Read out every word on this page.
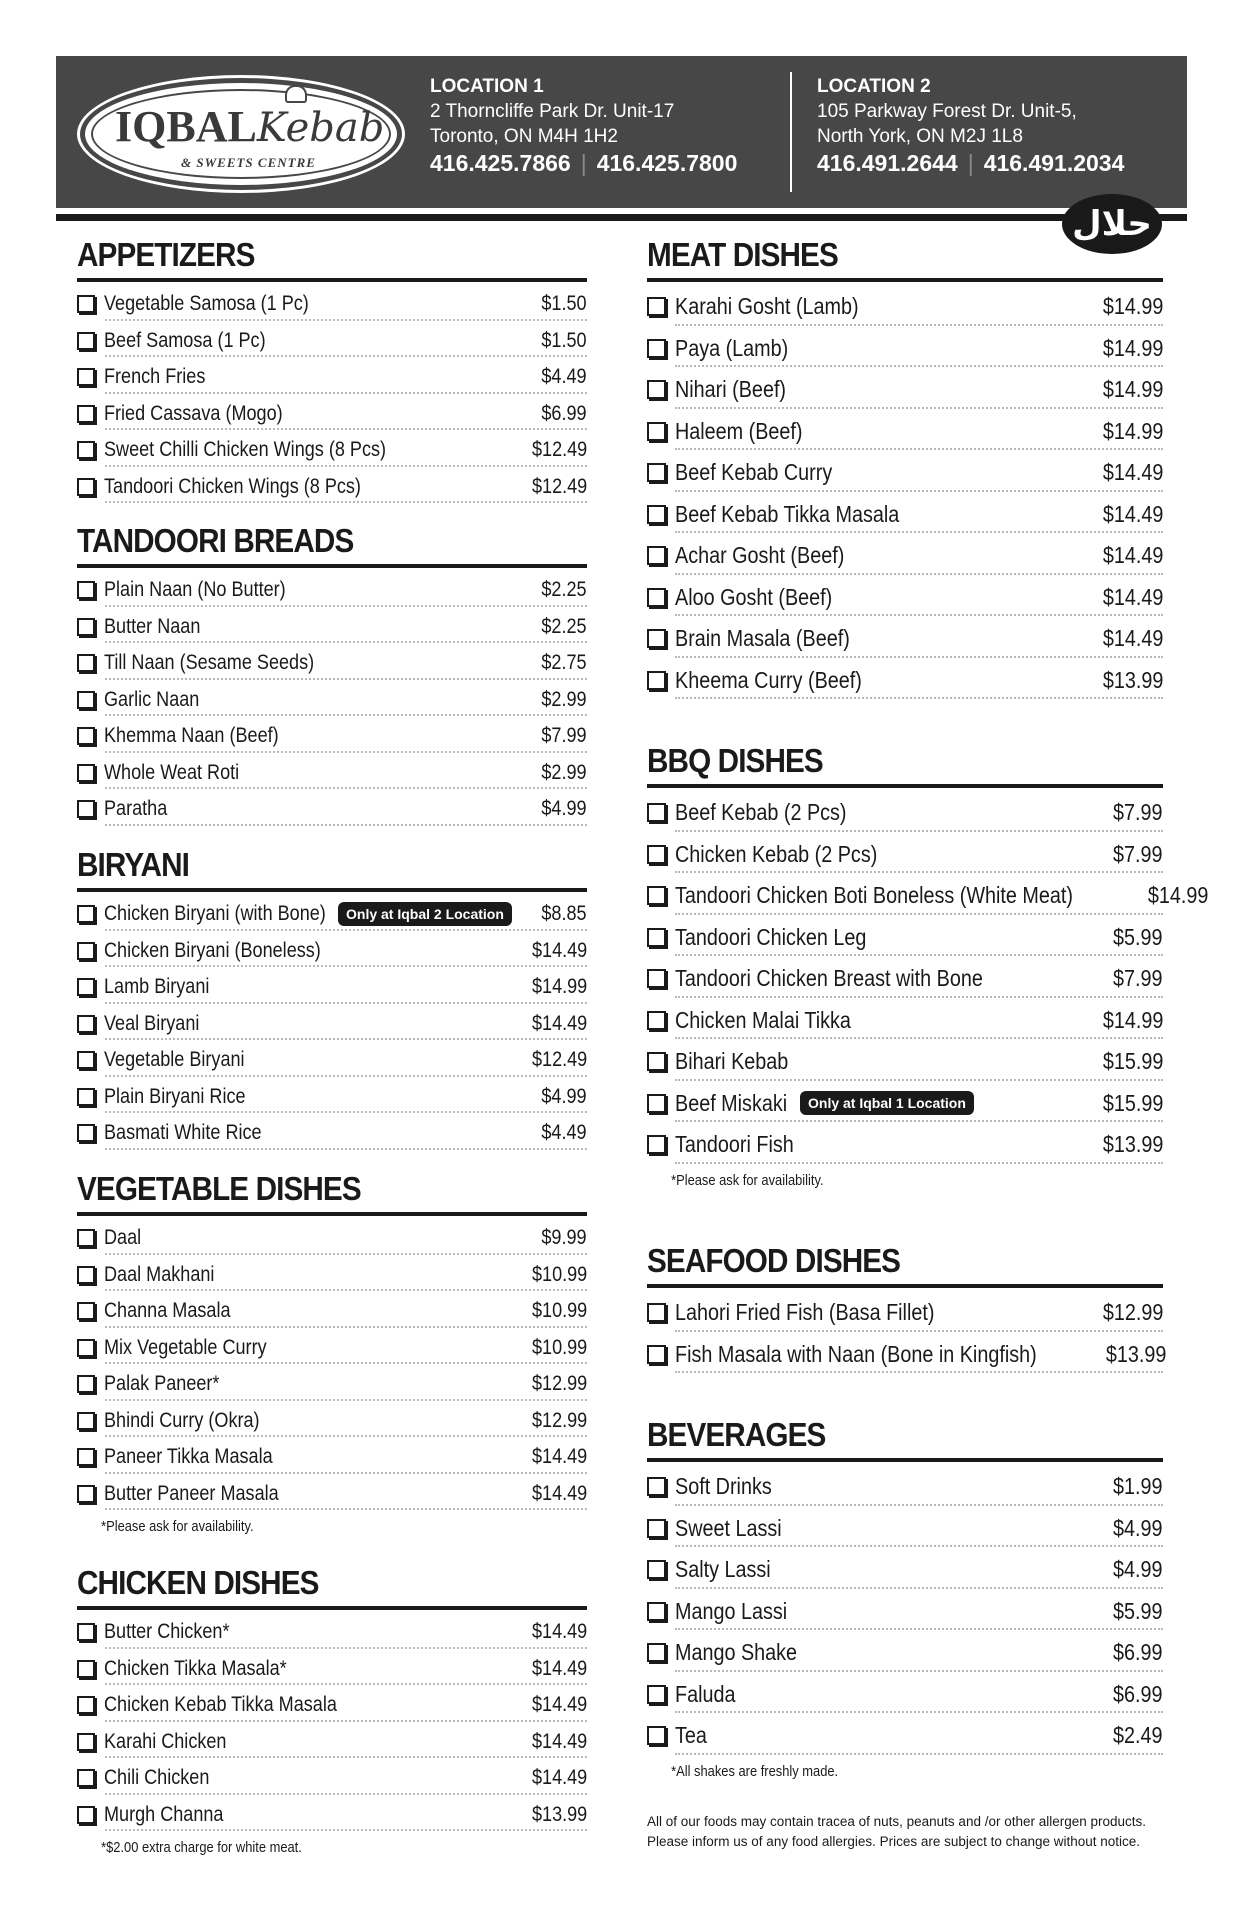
IQBALKebab
& SWEETS CENTRE
LOCATION 1
2 Thorncliffe Park Dr. Unit-17
Toronto, ON M4H 1H2
416.425.7866 | 416.425.7800
LOCATION 2
105 Parkway Forest Dr. Unit-5,
North York, ON M2J 1L8
416.491.2644 | 416.491.2034
حلال
APPETIZERS
Vegetable Samosa (1 Pc)	$1.50
Beef Samosa (1 Pc)	$1.50
French Fries	$4.49
Fried Cassava (Mogo)	$6.99
Sweet Chilli Chicken Wings (8 Pcs)	$12.49
Tandoori Chicken Wings (8 Pcs)	$12.49
TANDOORI BREADS
Plain Naan (No Butter)	$2.25
Butter Naan	$2.25
Till Naan (Sesame Seeds)	$2.75
Garlic Naan	$2.99
Khemma Naan (Beef)	$7.99
Whole Weat Roti	$2.99
Paratha	$4.99
BIRYANI
Chicken Biryani (with Bone)	Only at Iqbal 2 Location	$8.85
Chicken Biryani (Boneless)	$14.49
Lamb Biryani	$14.99
Veal Biryani	$14.49
Vegetable Biryani	$12.49
Plain Biryani Rice	$4.99
Basmati White Rice	$4.49
VEGETABLE DISHES
Daal	$9.99
Daal Makhani	$10.99
Channa Masala	$10.99
Mix Vegetable Curry	$10.99
Palak Paneer*	$12.99
Bhindi Curry (Okra)	$12.99
Paneer Tikka Masala	$14.49
Butter Paneer Masala	$14.49
*Please ask for availability.
CHICKEN DISHES
Butter Chicken*	$14.49
Chicken Tikka Masala*	$14.49
Chicken Kebab Tikka Masala	$14.49
Karahi Chicken	$14.49
Chili Chicken	$14.49
Murgh Channa	$13.99
*$2.00 extra charge for white meat.
MEAT DISHES
Karahi Gosht (Lamb)	$14.99
Paya (Lamb)	$14.99
Nihari (Beef)	$14.99
Haleem (Beef)	$14.99
Beef Kebab Curry	$14.49
Beef Kebab Tikka Masala	$14.49
Achar Gosht (Beef)	$14.49
Aloo Gosht (Beef)	$14.49
Brain Masala (Beef)	$14.49
Kheema Curry (Beef)	$13.99
BBQ DISHES
Beef Kebab (2 Pcs)	$7.99
Chicken Kebab (2 Pcs)	$7.99
Tandoori Chicken Boti Boneless (White Meat)	$14.99
Tandoori Chicken Leg	$5.99
Tandoori Chicken Breast with Bone	$7.99
Chicken Malai Tikka	$14.99
Bihari Kebab	$15.99
Beef Miskaki	Only at Iqbal 1 Location	$15.99
Tandoori Fish	$13.99
*Please ask for availability.
SEAFOOD DISHES
Lahori Fried Fish (Basa Fillet)	$12.99
Fish Masala with Naan (Bone in Kingfish)	$13.99
BEVERAGES
Soft Drinks	$1.99
Sweet Lassi	$4.99
Salty Lassi	$4.99
Mango Lassi	$5.99
Mango Shake	$6.99
Faluda	$6.99
Tea	$2.49
*All shakes are freshly made.
All of our foods may contain tracea of nuts, peanuts and /or other allergen products.
Please inform us of any food allergies. Prices are subject to change without notice.
